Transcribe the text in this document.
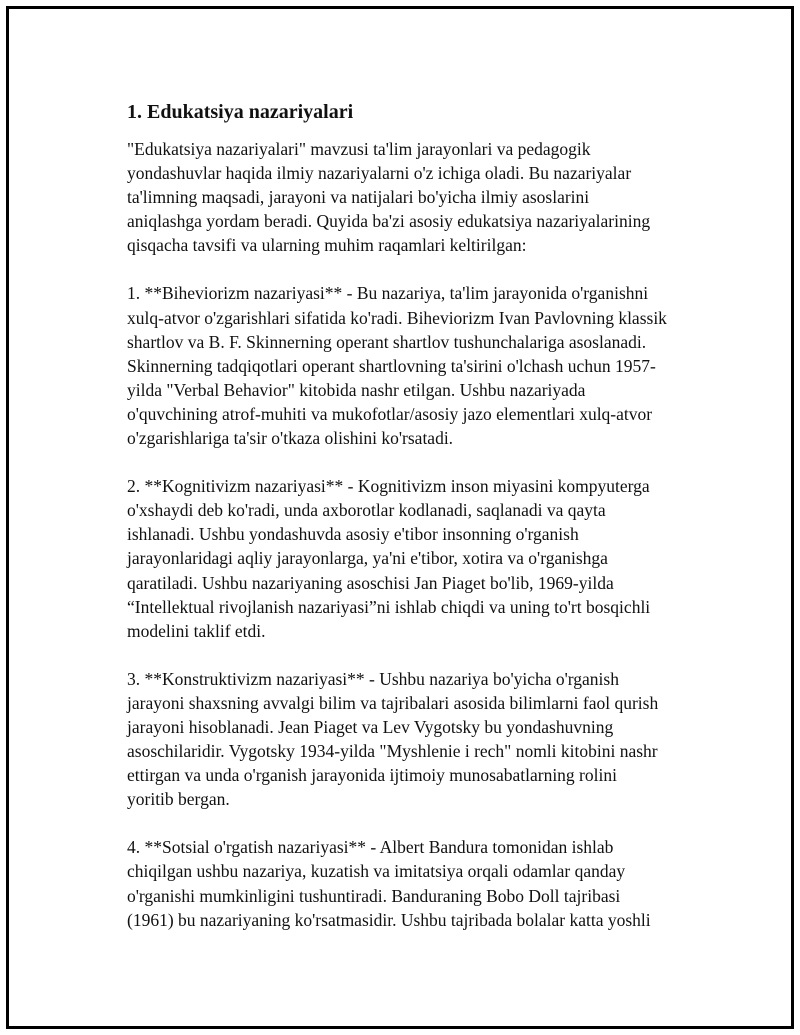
1. Edukatsiya nazariyalari
"Edukatsiya nazariyalari" mavzusi ta'lim jarayonlari va pedagogik
yondashuvlar haqida ilmiy nazariyalarni o'z ichiga oladi. Bu nazariyalar
ta'limning maqsadi, jarayoni va natijalari bo'yicha ilmiy asoslarini
aniqlashga yordam beradi. Quyida ba'zi asosiy edukatsiya nazariyalarining
qisqacha tavsifi va ularning muhim raqamlari keltirilgan:
1. **Biheviorizm nazariyasi** - Bu nazariya, ta'lim jarayonida o'rganishni
xulq-atvor o'zgarishlari sifatida ko'radi. Biheviorizm Ivan Pavlovning klassik
shartlov va B. F. Skinnerning operant shartlov tushunchalariga asoslanadi.
Skinnerning tadqiqotlari operant shartlovning ta'sirini o'lchash uchun 1957-
yilda "Verbal Behavior" kitobida nashr etilgan. Ushbu nazariyada
o'quvchining atrof-muhiti va mukofotlar/asosiy jazo elementlari xulq-atvor
o'zgarishlariga ta'sir o'tkaza olishini ko'rsatadi.
2. **Kognitivizm nazariyasi** - Kognitivizm inson miyasini kompyuterga
o'xshaydi deb ko'radi, unda axborotlar kodlanadi, saqlanadi va qayta
ishlanadi. Ushbu yondashuvda asosiy e'tibor insonning o'rganish
jarayonlaridagi aqliy jarayonlarga, ya'ni e'tibor, xotira va o'rganishga
qaratiladi. Ushbu nazariyaning asoschisi Jan Piaget bo'lib, 1969-yilda
“Intellektual rivojlanish nazariyasi”ni ishlab chiqdi va uning to'rt bosqichli
modelini taklif etdi.
3. **Konstruktivizm nazariyasi** - Ushbu nazariya bo'yicha o'rganish
jarayoni shaxsning avvalgi bilim va tajribalari asosida bilimlarni faol qurish
jarayoni hisoblanadi. Jean Piaget va Lev Vygotsky bu yondashuvning
asoschilaridir. Vygotsky 1934-yilda "Myshlenie i rech" nomli kitobini nashr
ettirgan va unda o'rganish jarayonida ijtimoiy munosabatlarning rolini
yoritib bergan.
4. **Sotsial o'rgatish nazariyasi** - Albert Bandura tomonidan ishlab
chiqilgan ushbu nazariya, kuzatish va imitatsiya orqali odamlar qanday
o'rganishi mumkinligini tushuntiradi. Banduraning Bobo Doll tajribasi
(1961) bu nazariyaning ko'rsatmasidir. Ushbu tajribada bolalar katta yoshli
